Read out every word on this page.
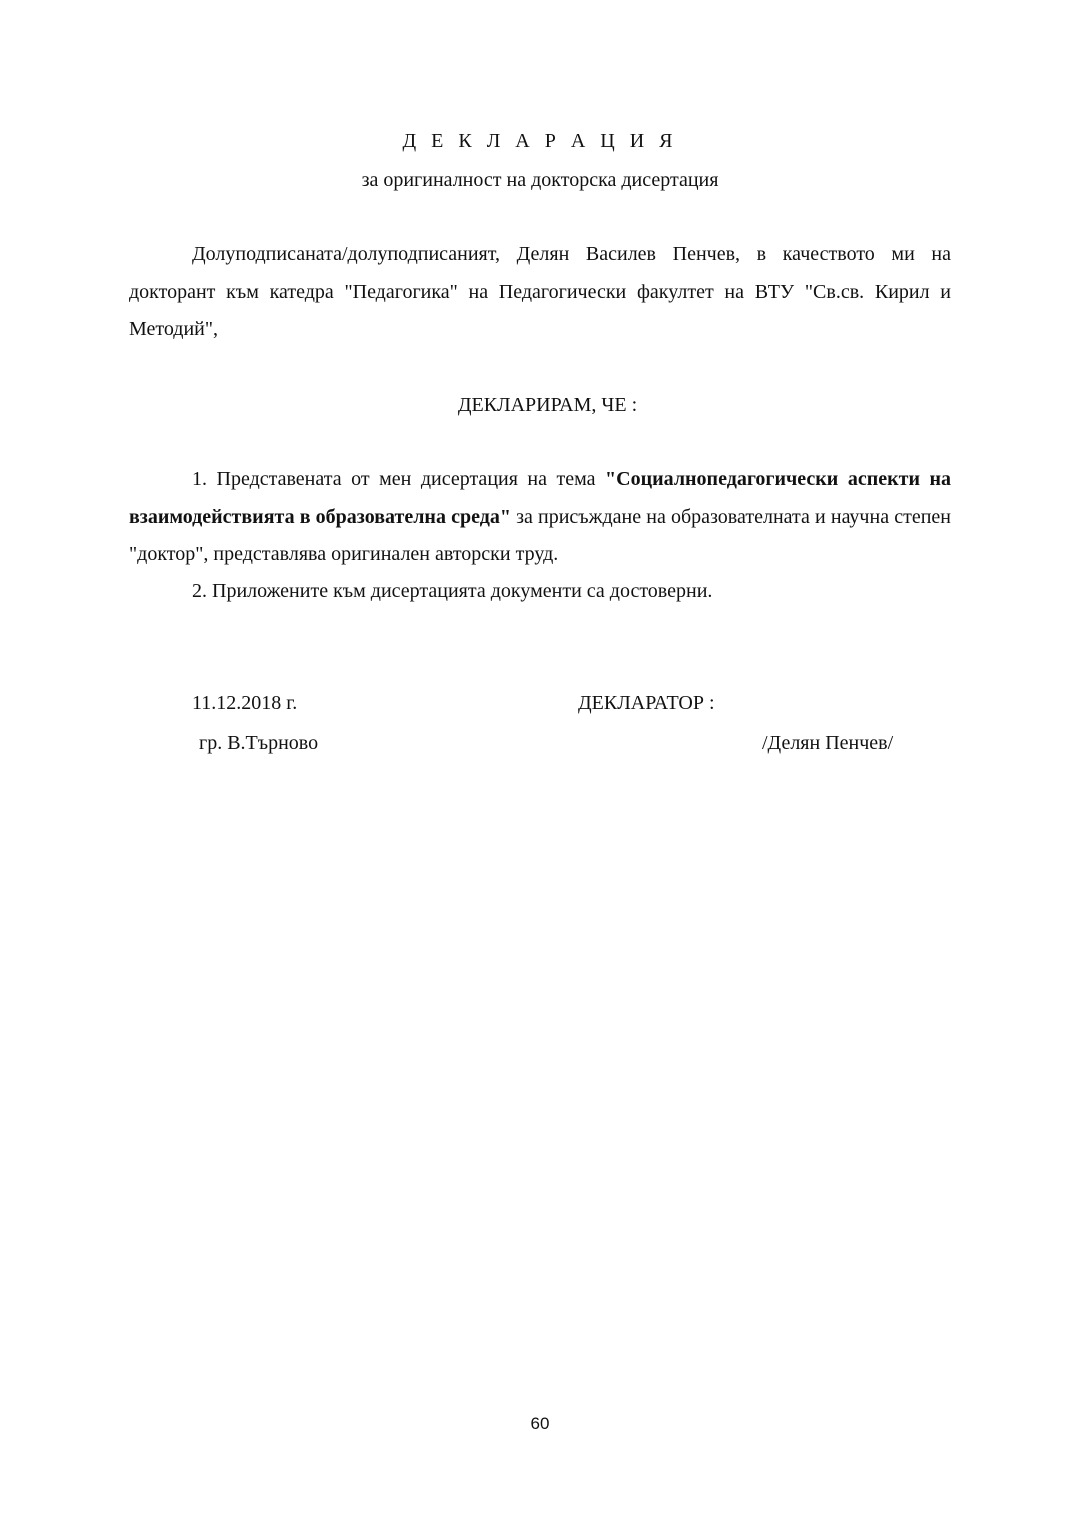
Д Е К Л А Р А Ц И Я
за оригиналност на докторска дисертация
Долуподписаната/долуподписаният, Делян Василев Пенчев, в качеството ми на докторант към катедра "Педагогика" на Педагогически факултет на ВТУ "Св.св. Кирил и Методий",
ДЕКЛАРИРАМ, ЧЕ :
1. Представената от мен дисертация на тема "Социалнопедагогически аспекти на взаимодействията в образователна среда" за присъждане на образователната и научна степен "доктор", представлява оригинален авторски труд.
2. Приложените към дисертацията документи са достоверни.
11.12.2018 г.
гр. В.Търново
ДЕКЛАРАТОР :
/Делян Пенчев/
60
